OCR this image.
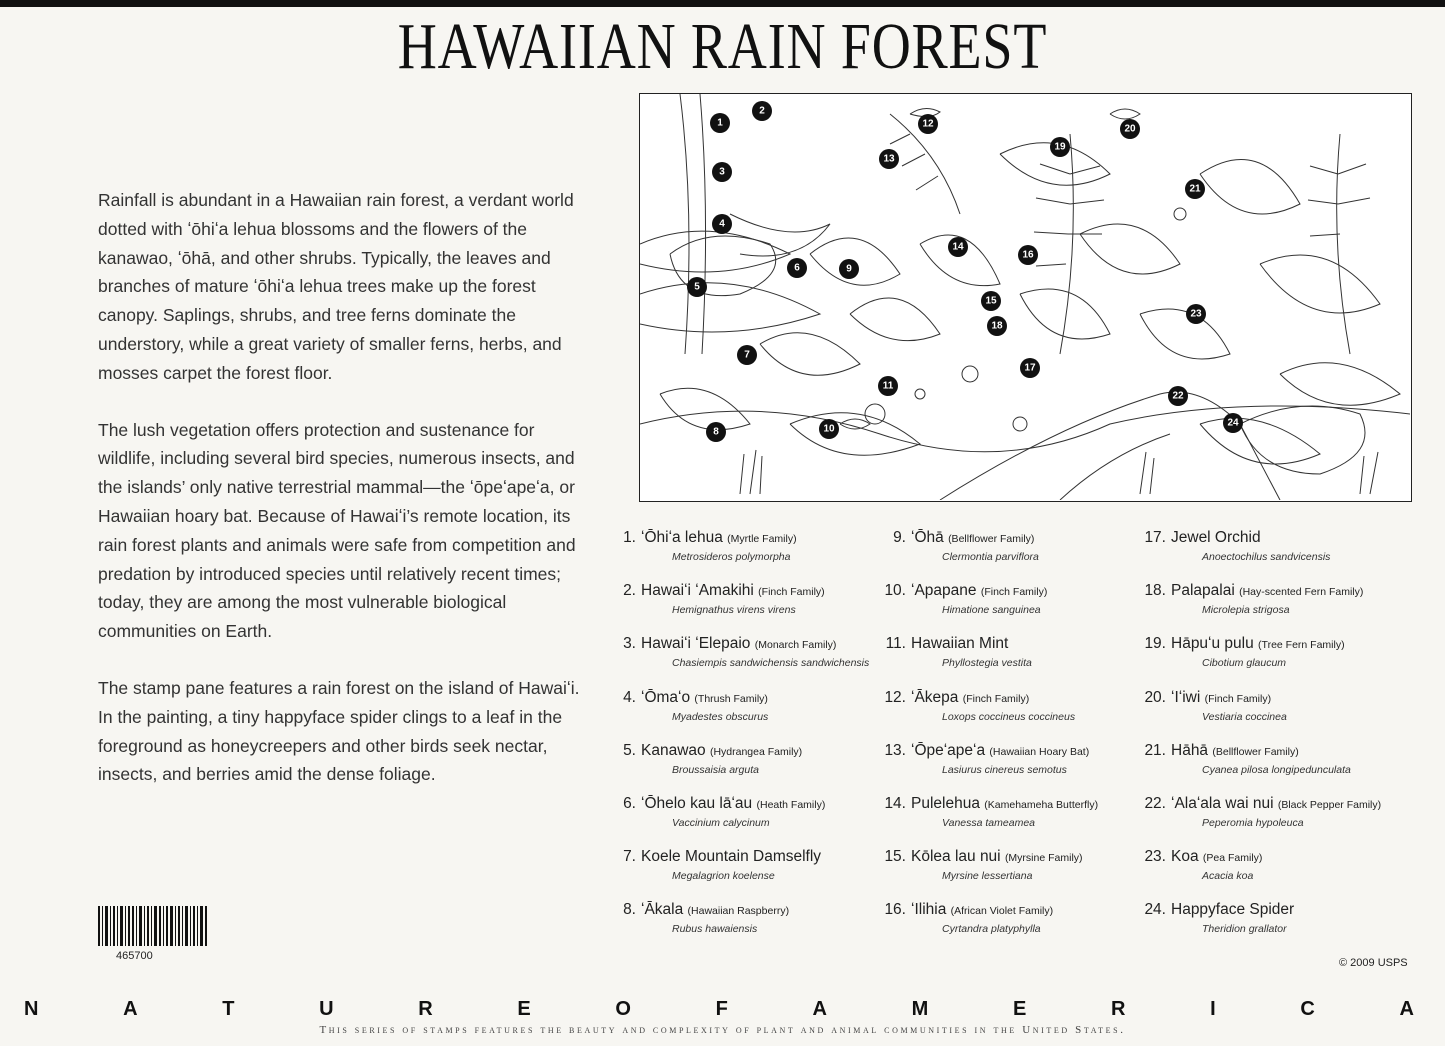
HAWAIIAN RAIN FOREST

Rainfall is abundant in a Hawaiian rain forest, a verdant world dotted with ʻōhiʻa lehua blossoms and the flowers of the kanawao, ʻōhā, and other shrubs. Typically, the leaves and branches of mature ʻōhiʻa lehua trees make up the forest canopy. Saplings, shrubs, and tree ferns dominate the understory, while a great variety of smaller ferns, herbs, and mosses carpet the forest floor.

The lush vegetation offers protection and sustenance for wildlife, including several bird species, numerous insects, and the islands’ only native terrestrial mammal—the ʻōpeʻapeʻa, or Hawaiian hoary bat. Because of Hawaiʻi’s remote location, its rain forest plants and animals were safe from competition and predation by introduced species until relatively recent times; today, they are among the most vulnerable biological communities on Earth.

The stamp pane features a rain forest on the island of Hawaiʻi. In the painting, a tiny happyface spider clings to a leaf in the foreground as honeycreepers and other birds seek nectar, insects, and berries amid the dense foliage.

465700
1
2
3
4
5
6
7
8
9
10
11
12
13
14
15
16
17
18
19
20
21
22
23
24
1. ʻŌhiʻa lehua (Myrtle Family)
Metrosideros polymorpha
2. Hawaiʻi ʻAmakihi (Finch Family)
Hemignathus virens virens
3. Hawaiʻi ʻElepaio (Monarch Family)
Chasiempis sandwichensis sandwichensis
4. ʻŌmaʻo (Thrush Family)
Myadestes obscurus
5. Kanawao (Hydrangea Family)
Broussaisia arguta
6. ʻŌhelo kau lāʻau (Heath Family)
Vaccinium calycinum
7. Koele Mountain Damselfly
Megalagrion koelense
8. ʻĀkala (Hawaiian Raspberry)
Rubus hawaiensis
9. ʻŌhā (Bellflower Family)
Clermontia parviflora
10. ʻApapane (Finch Family)
Himatione sanguinea
11. Hawaiian Mint
Phyllostegia vestita
12. ʻĀkepa (Finch Family)
Loxops coccineus coccineus
13. ʻŌpeʻapeʻa (Hawaiian Hoary Bat)
Lasiurus cinereus semotus
14. Pulelehua (Kamehameha Butterfly)
Vanessa tameamea
15. Kōlea lau nui (Myrsine Family)
Myrsine lessertiana
16. ʻIlihia (African Violet Family)
Cyrtandra platyphylla
17. Jewel Orchid
Anoectochilus sandvicensis
18. Palapalai (Hay-scented Fern Family)
Microlepia strigosa
19. Hāpuʻu pulu (Tree Fern Family)
Cibotium glaucum
20. ʻIʻiwi (Finch Family)
Vestiaria coccinea
21. Hāhā (Bellflower Family)
Cyanea pilosa longipedunculata
22. ʻAlaʻala wai nui (Black Pepper Family)
Peperomia hypoleuca
23. Koa (Pea Family)
Acacia koa
24. Happyface Spider
Theridion grallator
© 2009 USPS
N	A	T	U	R	E	O	F	A	M	E	R	I	C	A
This series of stamps features the beauty and complexity of plant and animal communities in the United States.
